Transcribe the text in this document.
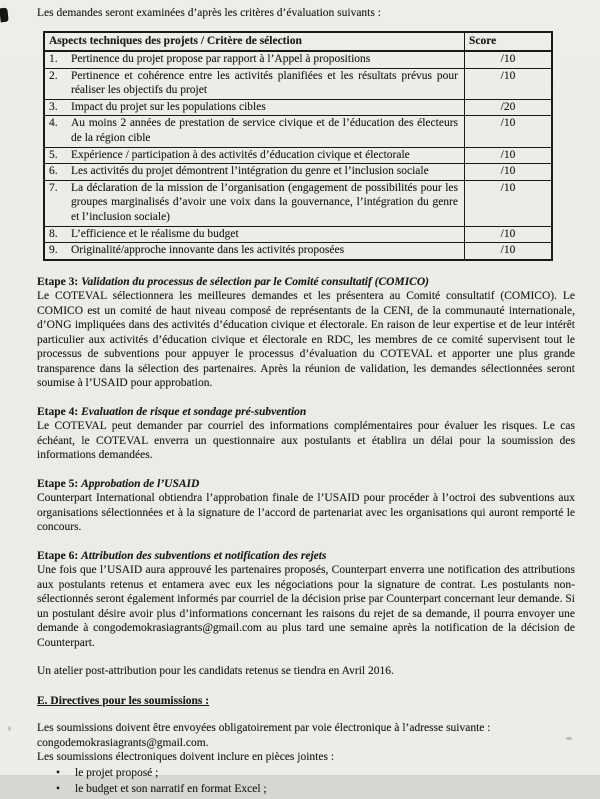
Les demandes seront examinées d’après les critères d’évaluation suivants :

Aspects techniques des projets / Critère de sélection	Score

1. Pertinence du projet propose par rapport à l’Appel à propositions	/10

2. Pertinence et cohérence entre les activités planifiées et les résultats prévus pour réaliser les objectifs du projet	/10

3. Impact du projet sur les populations cibles	/20

4. Au moins 2 années de prestation de service civique et de l’éducation des électeurs de la région cible	/10

5. Expérience / participation à des activités d’éducation civique et électorale	/10

6. Les activités du projet démontrent l’intégration du genre et l’inclusion sociale	/10

7. La déclaration de la mission de l’organisation (engagement de possibilités pour les groupes marginalisés d’avoir une voix dans la gouvernance, l’intégration du genre et l’inclusion sociale)	/10

8. L’efficience et le réalisme du budget	/10

9. Originalité/approche innovante dans les activités proposées	/10

Etape 3: Validation du processus de sélection par le Comité consultatif (COMICO)

Le COTEVAL sélectionnera les meilleures demandes et les présentera au Comité consultatif (COMICO). Le COMICO est un comité de haut niveau composé de représentants de la CENI, de la communauté internationale, d’ONG impliquées dans des activités d’éducation civique et électorale. En raison de leur expertise et de leur intérêt particulier aux activités d’éducation civique et électorale en RDC, les membres de ce comité supervisent tout le processus de subventions pour appuyer le processus d’évaluation du COTEVAL et apporter une plus grande transparence dans la sélection des partenaires. Après la réunion de validation, les demandes sélectionnées seront soumise à l’USAID pour approbation.

Etape 4: Evaluation de risque et sondage pré-subvention

Le COTEVAL peut demander par courriel des informations complémentaires pour évaluer les risques. Le cas échéant, le COTEVAL enverra un questionnaire aux postulants et établira un délai pour la soumission des informations demandées.

Etape 5: Approbation de l’USAID

Counterpart International obtiendra l’approbation finale de l’USAID pour procéder à l’octroi des subventions aux organisations sélectionnées et à la signature de l’accord de partenariat avec les organisations qui auront remporté le concours.

Etape 6: Attribution des subventions et notification des rejets

Une fois que l’USAID aura approuvé les partenaires proposés, Counterpart enverra une notification des attributions aux postulants retenus et entamera avec eux les négociations pour la signature de contrat. Les postulants non-sélectionnés seront également informés par courriel de la décision prise par Counterpart concernant leur demande. Si un postulant désire avoir plus d’informations concernant les raisons du rejet de sa demande, il pourra envoyer une demande à congodemokrasiagrants@gmail.com au plus tard une semaine après la notification de la décision de Counterpart.

Un atelier post-attribution pour les candidats retenus se tiendra en Avril 2016.

E. Directives pour les soumissions :

Les soumissions doivent être envoyées obligatoirement par voie électronique à l’adresse suivante :

congodemokrasiagrants@gmail.com.

Les soumissions électroniques doivent inclure en pièces jointes :

• le projet proposé ;
• le budget et son narratif en format Excel ;
